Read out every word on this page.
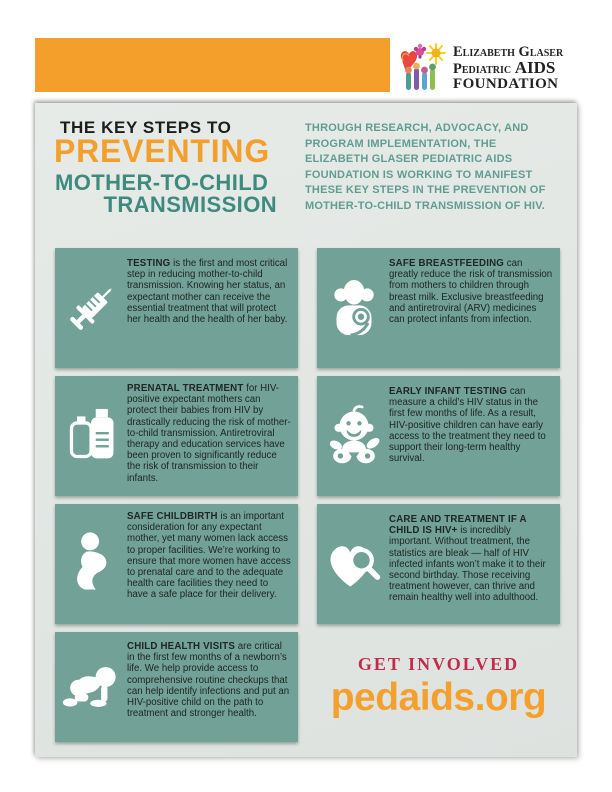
Elizabeth Glaser
Pediatric AIDS
FOUNDATION
THE KEY STEPS TO
PREVENTING
MOTHER-TO-CHILD
TRANSMISSION
THROUGH RESEARCH, ADVOCACY, AND PROGRAM IMPLEMENTATION, THE ELIZABETH GLASER PEDIATRIC AIDS FOUNDATION IS WORKING TO MANIFEST THESE KEY STEPS IN THE PREVENTION OF MOTHER-TO-CHILD TRANSMISSION OF HIV.
TESTING is the first and most critical step in reducing mother-to-child transmission. Knowing her status, an expectant mother can receive the essential treatment that will protect her health and the health of her baby.
SAFE BREASTFEEDING can greatly reduce the risk of transmission from mothers to children through breast milk. Exclusive breastfeeding and antiretroviral (ARV) medicines can protect infants from infection.
PRENATAL TREATMENT for HIV-positive expectant mothers can protect their babies from HIV by drastically reducing the risk of mother-to-child transmission. Antiretroviral therapy and education services have been proven to significantly reduce the risk of transmission to their infants.
EARLY INFANT TESTING can measure a child’s HIV status in the first few months of life. As a result, HIV-positive children can have early access to the treatment they need to support their long-term healthy survival.
SAFE CHILDBIRTH is an important consideration for any expectant mother, yet many women lack access to proper facilities. We’re working to ensure that more women have access to prenatal care and to the adequate health care facilities they need to have a safe place for their delivery.
CARE AND TREATMENT IF A CHILD IS HIV+ is incredibly important. Without treatment, the statistics are bleak — half of HIV infected infants won’t make it to their second birthday. Those receiving treatment however, can thrive and remain healthy well into adulthood.
CHILD HEALTH VISITS are critical in the first few months of a newborn’s life. We help provide access to comprehensive routine checkups that can help identify infections and put an HIV-positive child on the path to treatment and stronger health.
GET INVOLVED
pedaids.org
